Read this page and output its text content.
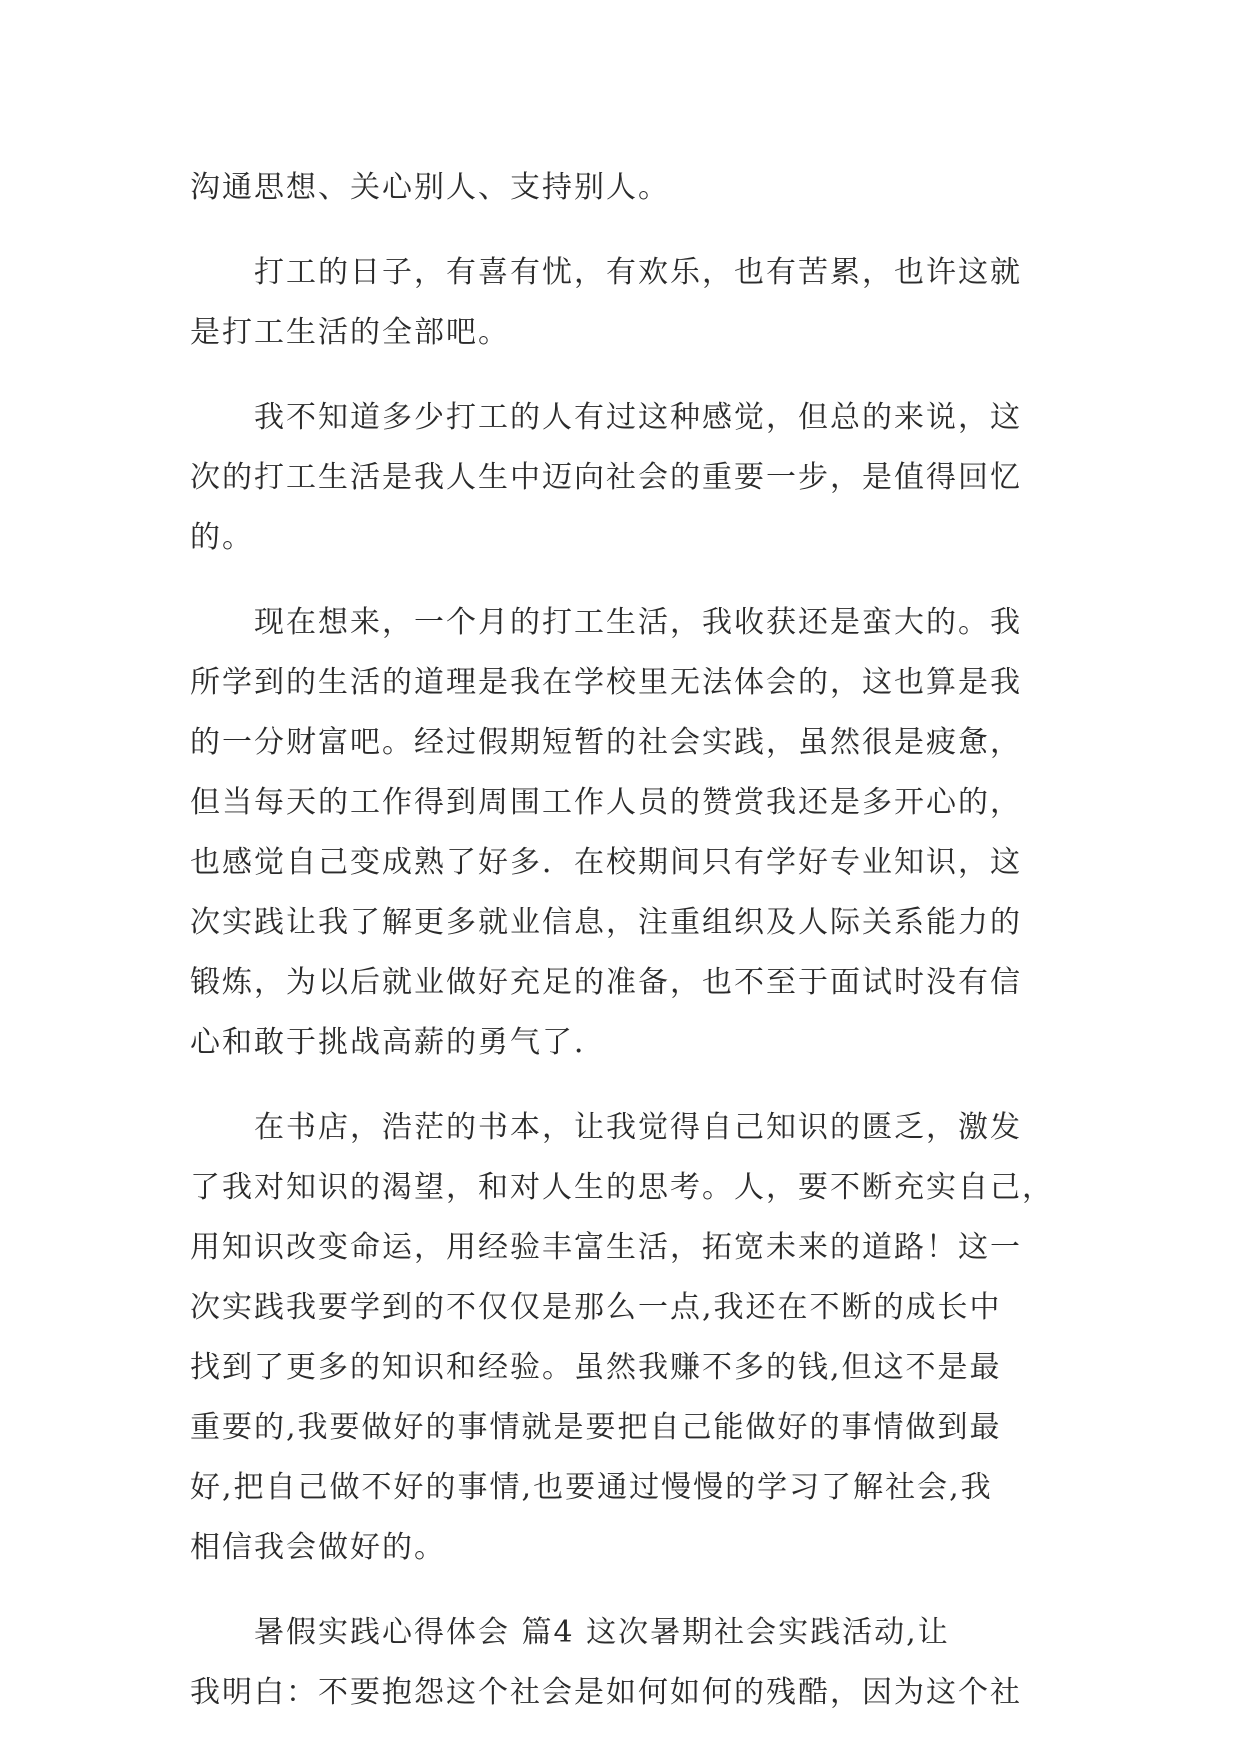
沟通思想、关心别人、支持别人。
打工的日子，有喜有忧，有欢乐，也有苦累，也许这就
是打工生活的全部吧。
我不知道多少打工的人有过这种感觉，但总的来说，这
次的打工生活是我人生中迈向社会的重要一步，是值得回忆
的。
现在想来，一个月的打工生活，我收获还是蛮大的。我
所学到的生活的道理是我在学校里无法体会的，这也算是我
的一分财富吧。经过假期短暂的社会实践，虽然很是疲惫，
但当每天的工作得到周围工作人员的赞赏我还是多开心的，
也感觉自己变成熟了好多．在校期间只有学好专业知识，这
次实践让我了解更多就业信息，注重组织及人际关系能力的
锻炼，为以后就业做好充足的准备，也不至于面试时没有信
心和敢于挑战高薪的勇气了．
在书店，浩茫的书本，让我觉得自己知识的匮乏，激发
了我对知识的渴望，和对人生的思考。人，要不断充实自己，
用知识改变命运，用经验丰富生活，拓宽未来的道路！这一
次实践我要学到的不仅仅是那么一点,我还在不断的成长中
找到了更多的知识和经验。虽然我赚不多的钱,但这不是最
重要的,我要做好的事情就是要把自己能做好的事情做到最
好,把自己做不好的事情,也要通过慢慢的学习了解社会,我
相信我会做好的。
暑假实践心得体会 篇4 这次暑期社会实践活动,让
我明白：不要抱怨这个社会是如何如何的残酷，因为这个社
